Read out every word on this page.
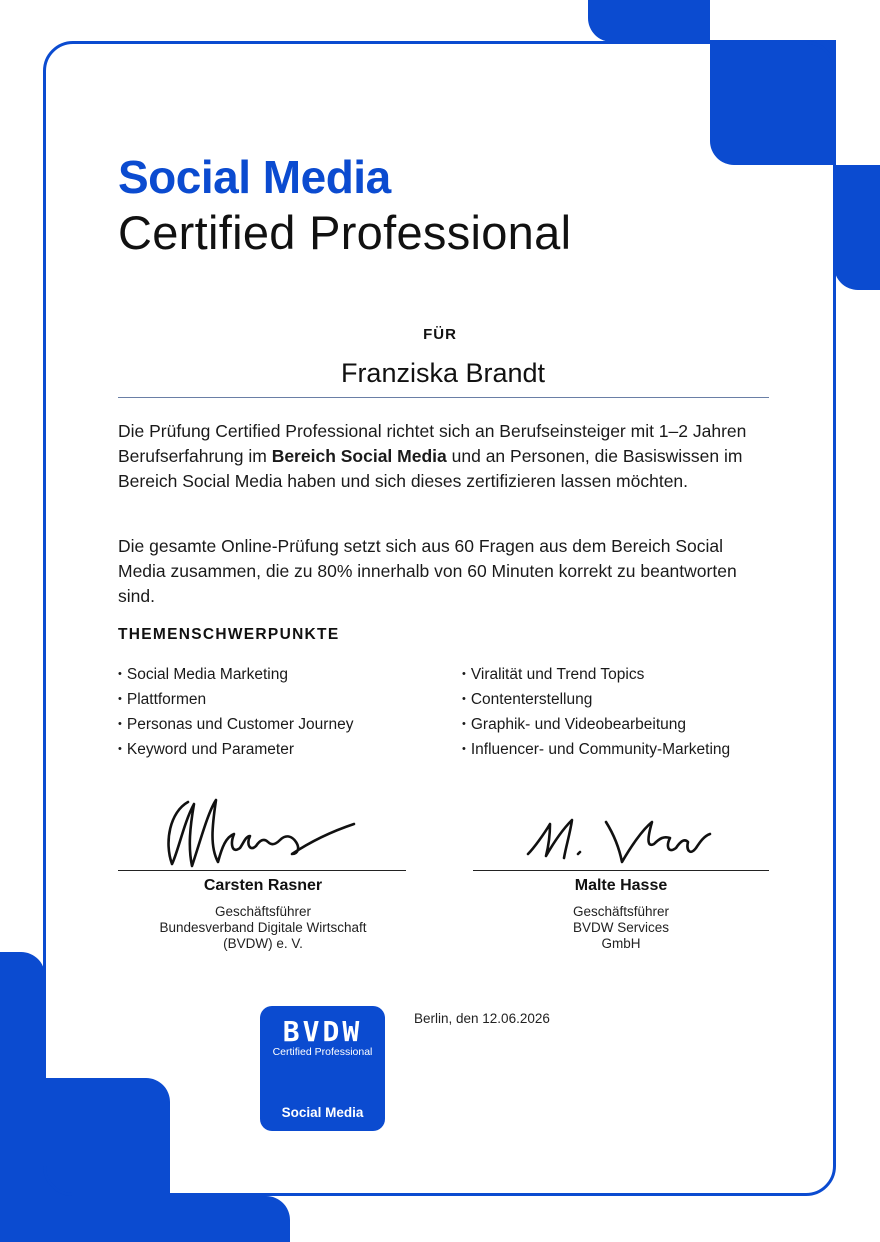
Social Media
Certified Professional
FÜR
Franziska Brandt

Die Prüfung Certified Professional richtet sich an Berufseinsteiger mit 1–2 Jahren Berufserfahrung im Bereich Social Media und an Personen, die Basiswissen im Bereich Social Media haben und sich dieses zertifizieren lassen möchten.

Die gesamte Online-Prüfung setzt sich aus 60 Fragen aus dem Bereich Social Media zusammen, die zu 80% innerhalb von 60 Minuten korrekt zu beantworten sind.

THEMENSCHWERPUNKTE
• Social Media Marketing
• Plattformen
• Personas und Customer Journey
• Keyword und Parameter
• Viralität und Trend Topics
• Contenterstellung
• Graphik- und Videobearbeitung
• Influencer- und Community-Marketing
Carsten Rasner
Geschäftsführer
Bundesverband Digitale Wirtschaft
(BVDW) e. V.
Malte Hasse
Geschäftsführer
BVDW Services
GmbH
BVDW
Certified Professional
Social Media
Berlin, den 12.06.2026
